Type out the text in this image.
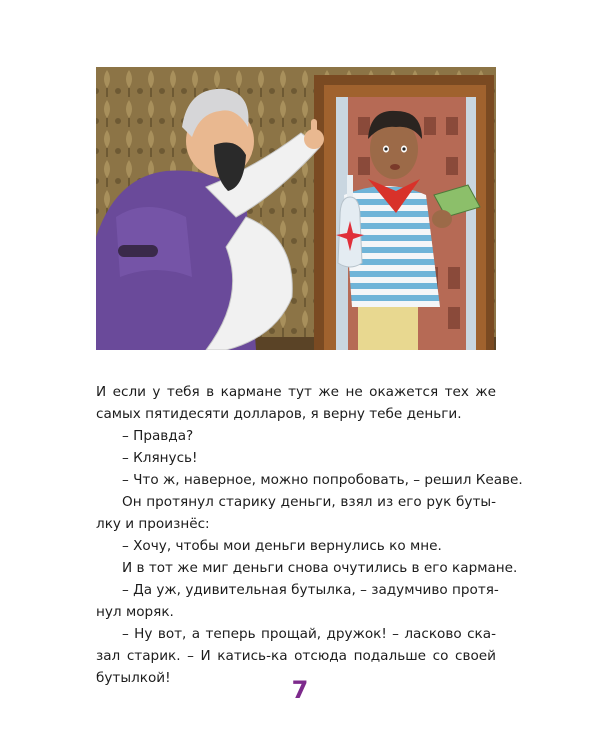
И если у тебя в кармане тут же не окажется тех же
самых пятидесяти долларов, я верну тебе деньги.
– Правда?
– Клянусь!
– Что ж, наверное, можно попробовать, – решил Кеаве.
Он протянул старику деньги, взял из его рук буты-
лку и произнёс:
– Хочу, чтобы мои деньги вернулись ко мне.
И в тот же миг деньги снова очутились в его кармане.
– Да уж, удивительная бутылка, – задумчиво протя-
нул моряк.
– Ну вот, а теперь прощай, дружок! – ласково ска-
зал старик. – И катись-ка отсюда подальше со своей
бутылкой!	7
